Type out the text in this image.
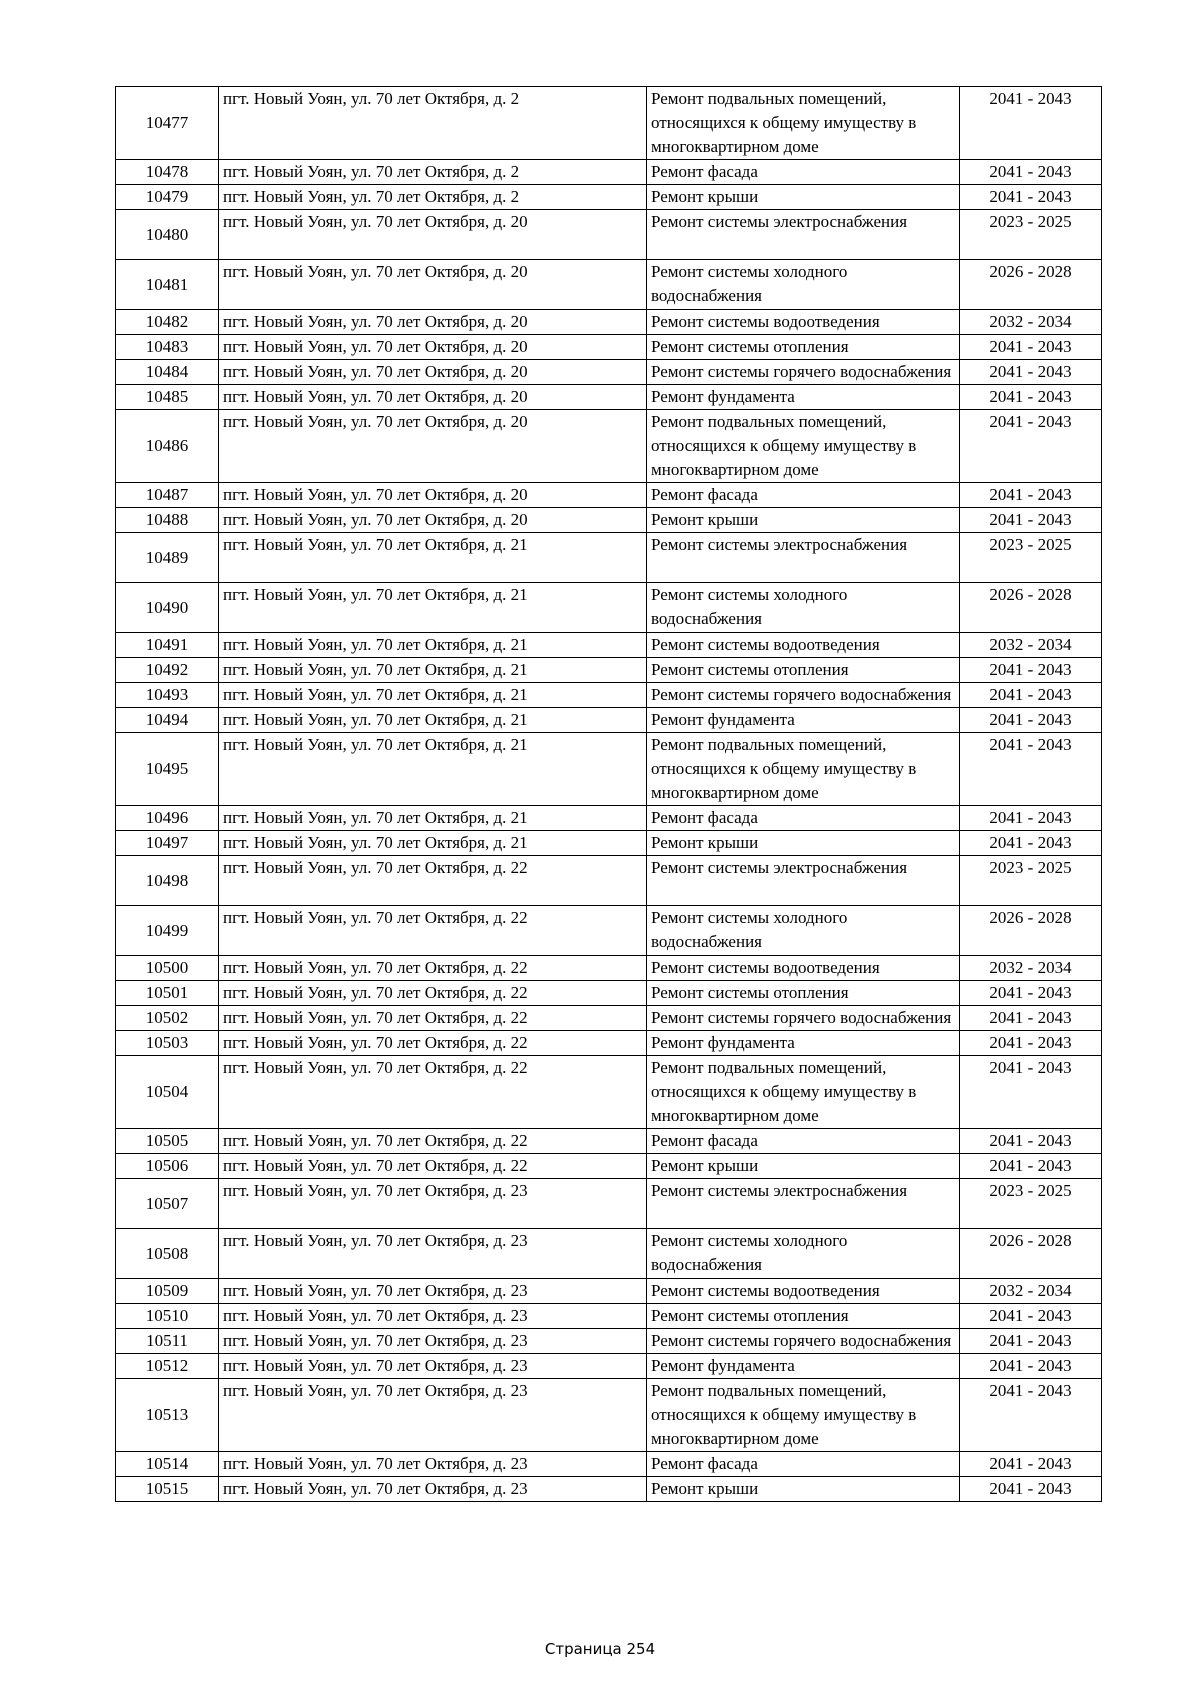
10477	пгт. Новый Уоян, ул. 70 лет Октября, д. 2	Ремонт подвальных помещений, относящихся к общему имуществу в многоквартирном доме	2041 - 2043
10478	пгт. Новый Уоян, ул. 70 лет Октября, д. 2	Ремонт фасада	2041 - 2043
10479	пгт. Новый Уоян, ул. 70 лет Октября, д. 2	Ремонт крыши	2041 - 2043
10480	пгт. Новый Уоян, ул. 70 лет Октября, д. 20	Ремонт системы электроснабжения	2023 - 2025
10481	пгт. Новый Уоян, ул. 70 лет Октября, д. 20	Ремонт системы холодного водоснабжения	2026 - 2028
10482	пгт. Новый Уоян, ул. 70 лет Октября, д. 20	Ремонт системы водоотведения	2032 - 2034
10483	пгт. Новый Уоян, ул. 70 лет Октября, д. 20	Ремонт системы отопления	2041 - 2043
10484	пгт. Новый Уоян, ул. 70 лет Октября, д. 20	Ремонт системы горячего водоснабжения	2041 - 2043
10485	пгт. Новый Уоян, ул. 70 лет Октября, д. 20	Ремонт фундамента	2041 - 2043
10486	пгт. Новый Уоян, ул. 70 лет Октября, д. 20	Ремонт подвальных помещений, относящихся к общему имуществу в многоквартирном доме	2041 - 2043
10487	пгт. Новый Уоян, ул. 70 лет Октября, д. 20	Ремонт фасада	2041 - 2043
10488	пгт. Новый Уоян, ул. 70 лет Октября, д. 20	Ремонт крыши	2041 - 2043
10489	пгт. Новый Уоян, ул. 70 лет Октября, д. 21	Ремонт системы электроснабжения	2023 - 2025
10490	пгт. Новый Уоян, ул. 70 лет Октября, д. 21	Ремонт системы холодного водоснабжения	2026 - 2028
10491	пгт. Новый Уоян, ул. 70 лет Октября, д. 21	Ремонт системы водоотведения	2032 - 2034
10492	пгт. Новый Уоян, ул. 70 лет Октября, д. 21	Ремонт системы отопления	2041 - 2043
10493	пгт. Новый Уоян, ул. 70 лет Октября, д. 21	Ремонт системы горячего водоснабжения	2041 - 2043
10494	пгт. Новый Уоян, ул. 70 лет Октября, д. 21	Ремонт фундамента	2041 - 2043
10495	пгт. Новый Уоян, ул. 70 лет Октября, д. 21	Ремонт подвальных помещений, относящихся к общему имуществу в многоквартирном доме	2041 - 2043
10496	пгт. Новый Уоян, ул. 70 лет Октября, д. 21	Ремонт фасада	2041 - 2043
10497	пгт. Новый Уоян, ул. 70 лет Октября, д. 21	Ремонт крыши	2041 - 2043
10498	пгт. Новый Уоян, ул. 70 лет Октября, д. 22	Ремонт системы электроснабжения	2023 - 2025
10499	пгт. Новый Уоян, ул. 70 лет Октября, д. 22	Ремонт системы холодного водоснабжения	2026 - 2028
10500	пгт. Новый Уоян, ул. 70 лет Октября, д. 22	Ремонт системы водоотведения	2032 - 2034
10501	пгт. Новый Уоян, ул. 70 лет Октября, д. 22	Ремонт системы отопления	2041 - 2043
10502	пгт. Новый Уоян, ул. 70 лет Октября, д. 22	Ремонт системы горячего водоснабжения	2041 - 2043
10503	пгт. Новый Уоян, ул. 70 лет Октября, д. 22	Ремонт фундамента	2041 - 2043
10504	пгт. Новый Уоян, ул. 70 лет Октября, д. 22	Ремонт подвальных помещений, относящихся к общему имуществу в многоквартирном доме	2041 - 2043
10505	пгт. Новый Уоян, ул. 70 лет Октября, д. 22	Ремонт фасада	2041 - 2043
10506	пгт. Новый Уоян, ул. 70 лет Октября, д. 22	Ремонт крыши	2041 - 2043
10507	пгт. Новый Уоян, ул. 70 лет Октября, д. 23	Ремонт системы электроснабжения	2023 - 2025
10508	пгт. Новый Уоян, ул. 70 лет Октября, д. 23	Ремонт системы холодного водоснабжения	2026 - 2028
10509	пгт. Новый Уоян, ул. 70 лет Октября, д. 23	Ремонт системы водоотведения	2032 - 2034
10510	пгт. Новый Уоян, ул. 70 лет Октября, д. 23	Ремонт системы отопления	2041 - 2043
10511	пгт. Новый Уоян, ул. 70 лет Октября, д. 23	Ремонт системы горячего водоснабжения	2041 - 2043
10512	пгт. Новый Уоян, ул. 70 лет Октября, д. 23	Ремонт фундамента	2041 - 2043
10513	пгт. Новый Уоян, ул. 70 лет Октября, д. 23	Ремонт подвальных помещений, относящихся к общему имуществу в многоквартирном доме	2041 - 2043
10514	пгт. Новый Уоян, ул. 70 лет Октября, д. 23	Ремонт фасада	2041 - 2043
10515	пгт. Новый Уоян, ул. 70 лет Октября, д. 23	Ремонт крыши	2041 - 2043
Страница 254
